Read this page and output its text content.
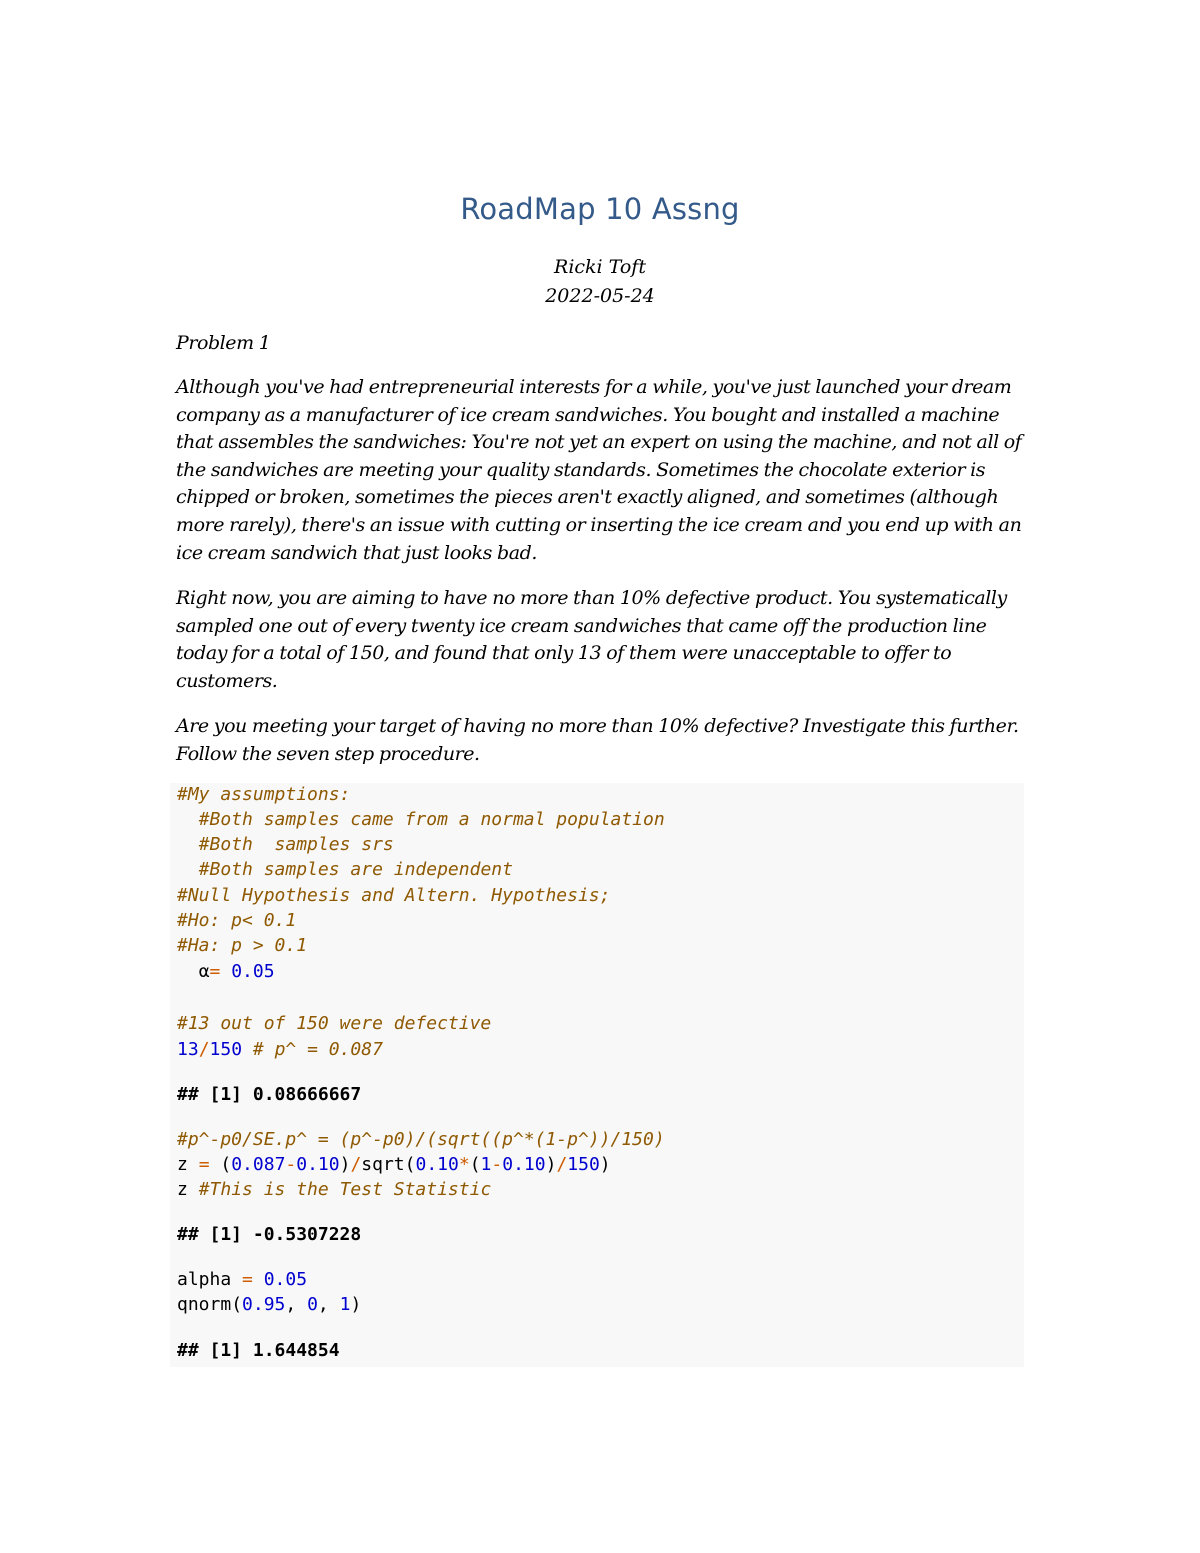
RoadMap 10 Assng
Ricki Toft
2022-05-24
Problem 1
Although you've had entrepreneurial interests for a while, you've just launched your dream company as a manufacturer of ice cream sandwiches. You bought and installed a machine that assembles the sandwiches: You're not yet an expert on using the machine, and not all of the sandwiches are meeting your quality standards. Sometimes the chocolate exterior is chipped or broken, sometimes the pieces aren't exactly aligned, and sometimes (although more rarely), there's an issue with cutting or inserting the ice cream and you end up with an ice cream sandwich that just looks bad.
Right now, you are aiming to have no more than 10% defective product. You systematically sampled one out of every twenty ice cream sandwiches that came off the production line today for a total of 150, and found that only 13 of them were unacceptable to offer to customers.
Are you meeting your target of having no more than 10% defective? Investigate this further. Follow the seven step procedure.
#My assumptions:
#Both samples came from a normal population
#Both  samples srs
#Both samples are independent
#Null Hypothesis and Altern. Hypothesis;
#Ho: p< 0.1
#Ha: p > 0.1
α= 0.05
#13 out of 150 were defective
13/150 # p^ = 0.087
## [1] 0.08666667
#p^-p0/SE.p^ = (p^-p0)/(sqrt((p^*(1-p^))/150)
z = (0.087-0.10)/sqrt(0.10*(1-0.10)/150)
z #This is the Test Statistic
## [1] -0.5307228
alpha = 0.05
qnorm(0.95, 0, 1)
## [1] 1.644854
